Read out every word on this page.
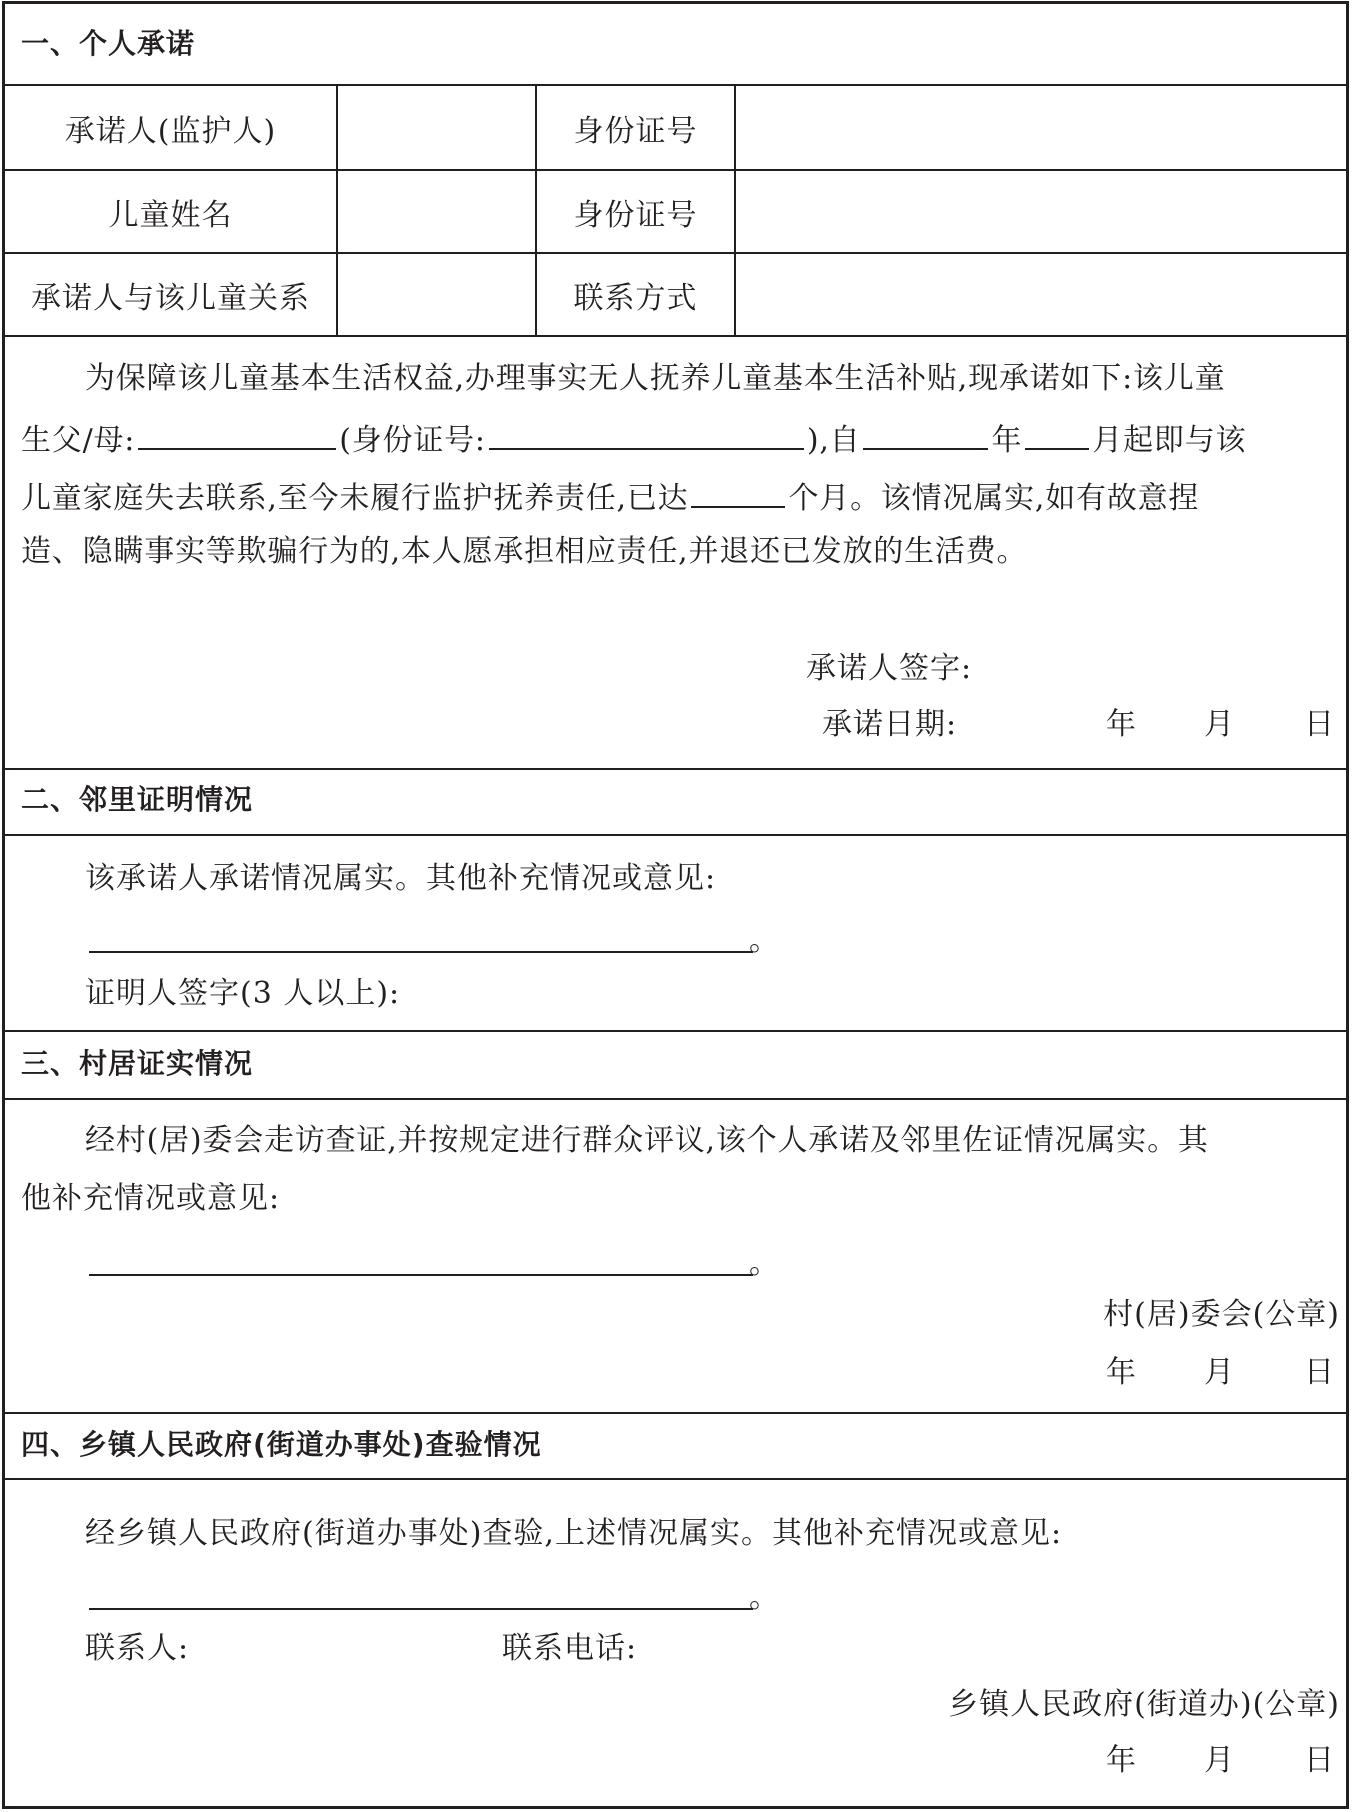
一、个人承诺
承诺人(监护人)	身份证号
儿童姓名	身份证号
承诺人与该儿童关系	联系方式
为保障该儿童基本生活权益,办理事实无人抚养儿童基本生活补贴,现承诺如下:该儿童
生父/母:	(身份证号:	),自	年 月起即与该
儿童家庭失去联系,至今未履行监护抚养责任,已达	个月。该情况属实,如有故意捏
造、隐瞒事实等欺骗行为的,本人愿承担相应责任,并退还已发放的生活费。
承诺人签字:
承诺日期:	年 月 日
二、邻里证明情况
该承诺人承诺情况属实。其他补充情况或意见:
。
证明人签字(3 人以上):
三、村居证实情况
经村(居)委会走访查证,并按规定进行群众评议,该个人承诺及邻里佐证情况属实。其
他补充情况或意见:
。
村(居)委会(公章)
年 月 日
四、乡镇人民政府(街道办事处)查验情况
经乡镇人民政府(街道办事处)查验,上述情况属实。其他补充情况或意见:
。
联系人:	联系电话:
乡镇人民政府(街道办)(公章)
年 月 日
